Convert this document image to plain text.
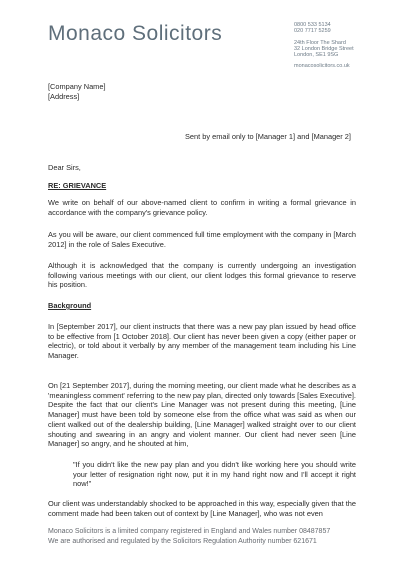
Monaco Solicitors	0800 533 5134
020 7717 5259
24th Floor The Shard
32 London Bridge Street
London, SE1 9SG
monacosolicitors.co.uk
[Company Name]
[Address]
Sent by email only to [Manager 1] and [Manager 2]
Dear Sirs,
RE: GRIEVANCE
We write on behalf of our above-named client to confirm in writing a formal grievance in accordance with the company's grievance policy.
As you will be aware, our client commenced full time employment with the company in [March 2012] in the role of Sales Executive.
Although it is acknowledged that the company is currently undergoing an investigation following various meetings with our client, our client lodges this formal grievance to reserve his position.
Background
In [September 2017], our client instructs that there was a new pay plan issued by head office to be effective from [1 October 2018]. Our client has never been given a copy (either paper or electric), or told about it verbally by any member of the management team including his Line Manager.
On [21 September 2017], during the morning meeting, our client made what he describes as a 'meaningless comment' referring to the new pay plan, directed only towards [Sales Executive]. Despite the fact that our client's Line Manager was not present during this meeting, [Line Manager] must have been told by someone else from the office what was said as when our client walked out of the dealership building, [Line Manager] walked straight over to our client shouting and swearing in an angry and violent manner. Our client had never seen [Line Manager] so angry, and he shouted at him,
"If you didn't like the new pay plan and you didn't like working here you should write your letter of resignation right now, put it in my hand right now and I'll accept it right now!"
Our client was understandably shocked to be approached in this way, especially given that the comment made had been taken out of context by [Line Manager], who was not even
Monaco Solicitors is a limited company registered in England and Wales number 08487857
We are authorised and regulated by the Solicitors Regulation Authority number 621671
